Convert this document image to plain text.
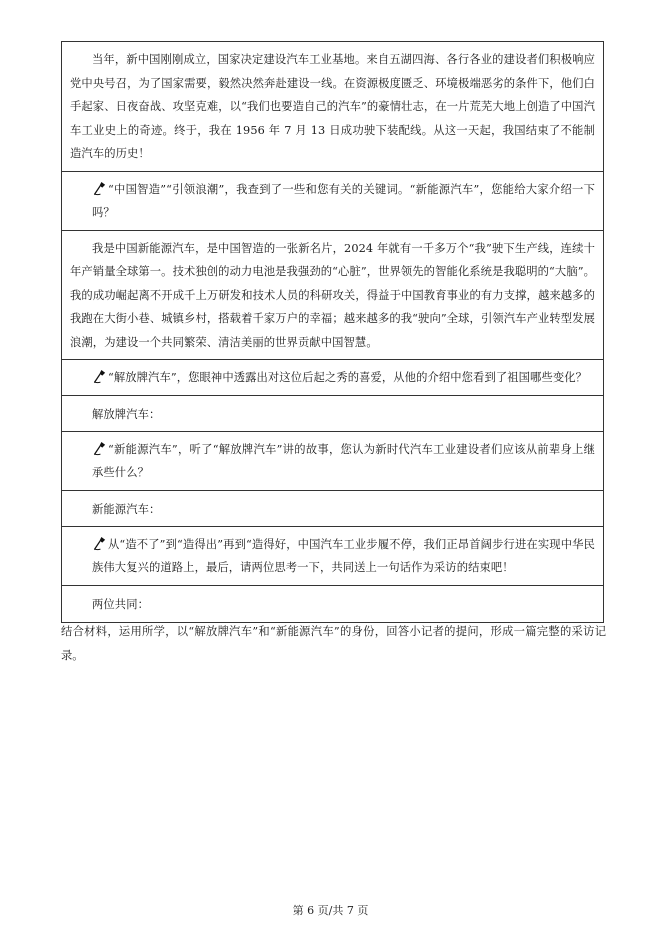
当年，新中国刚刚成立，国家决定建设汽车工业基地。来自五湖四海、各行各业的建设者们积极响应党中央号召，为了国家需要，毅然决然奔赴建设一线。在资源极度匮乏、环境极端恶劣的条件下，他们白手起家、日夜奋战、攻坚克难，以“我们也要造自己的汽车”的豪情壮志，在一片荒芜大地上创造了中国汽车工业史上的奇迹。终于，我在 1956 年 7 月 13 日成功驶下装配线。从这一天起，我国结束了不能制造汽车的历史！
“中国智造”“引领浪潮”，我查到了一些和您有关的关键词。“新能源汽车”，您能给大家介绍一下吗？
我是中国新能源汽车，是中国智造的一张新名片，2024 年就有一千多万个“我”驶下生产线，连续十年产销量全球第一。技术独创的动力电池是我强劲的“心脏”，世界领先的智能化系统是我聪明的“大脑”。我的成功崛起离不开成千上万研发和技术人员的科研攻关，得益于中国教育事业的有力支撑，越来越多的我跑在大街小巷、城镇乡村，搭载着千家万户的幸福；越来越多的我“驶向”全球，引领汽车产业转型发展浪潮，为建设一个共同繁荣、清洁美丽的世界贡献中国智慧。
“解放牌汽车”，您眼神中透露出对这位后起之秀的喜爱，从他的介绍中您看到了祖国哪些变化？
解放牌汽车：
“新能源汽车”，听了“解放牌汽车”讲的故事，您认为新时代汽车工业建设者们应该从前辈身上继承些什么？
新能源汽车：
从“造不了”到“造得出”再到“造得好，中国汽车工业步履不停，我们正昂首阔步行进在实现中华民族伟大复兴的道路上，最后，请两位思考一下，共同送上一句话作为采访的结束吧！
两位共同：
结合材料，运用所学，以“解放牌汽车”和“新能源汽车”的身份，回答小记者的提问，形成一篇完整的采访记录。
第 6 页/共 7 页
